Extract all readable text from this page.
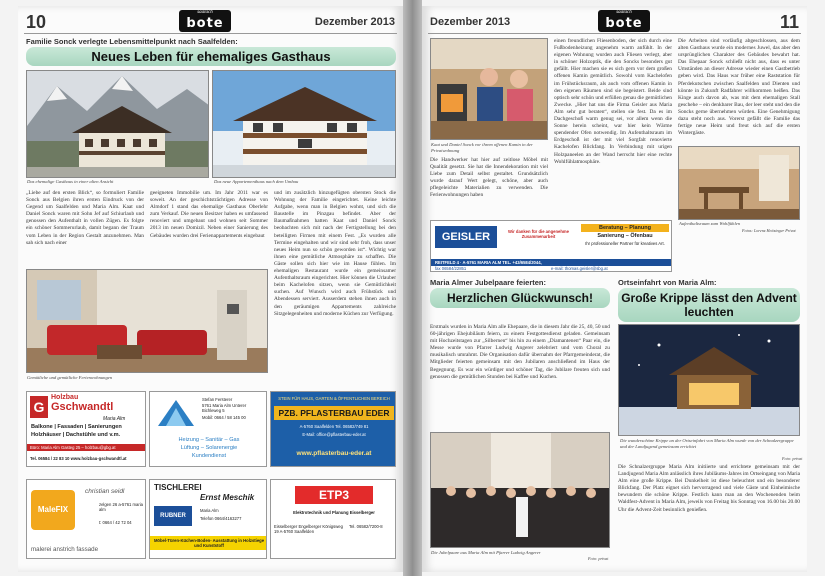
10	saalach
bote	Dezember 2013
Familie Sonck verlegte Lebensmittelpunkt nach Saalfelden:
Neues Leben für ehemaliges Gasthaus
Das ehemalige Gasthaus in einer alten Ansicht	Das neue Appartementhaus nach dem Umbau
„Liebe auf den ersten Blick“, so formuliert Familie Sonck aus Belgien ihren ersten Eindruck von der Gegend um Saalfelden und Maria Alm. Kaat und Daniel Sonck waren mit Sohn Jef auf Schiurlaub und genossen den Aufenthalt in vollen Zügen. Es folgte ein schöner Sommerurlaub, damit begann der Traum vom Leben in der Region Gestalt anzunehmen. Man sah sich nach einer
geeigneten Immobilie um. Im Jahr 2011 war es soweit. An der geschichtsträchtigen Adresse von Almdorf 1 stand das ehemalige Gasthaus Oberlehr zum Verkauf. Die neuen Besitzer haben es umfassend renoviert und umgebaut und wohnen seit Sommer 2013 im neuen Domizil. Neben einer Sanierung des Gebäudes wurden drei Ferienappartements eingebaut
und im zusätzlich hinzugefügten obersten Stock die Wohnung der Familie eingerichtet. Keine leichte Aufgabe, wenn man in Belgien wohnt, und sich die Baustelle im Pinzgau befindet. Aber der Baumaßnahmen hatten Kaat und Daniel Sonck beobachten sich mit nach der Fertigstellung bei den beteiligten Firmen mit einem Fest. „Es wurden alle Termine eingehalten und wir sind sehr froh, dass unser neues Heim nun so schön geworden ist“. Wichtig war ihnen eine gemütliche Atmosphäre zu schaffen. Die Gäste sollen sich hier wie im Hause fühlen. Im ehemaligen Restaurant wurde ein gemeinsamer Aufenthaltsraum eingerichtet. Hier können die Urlauber beim Kachelofen sitzen, wenn sie Gemütlichkeit suchen. Auf Wunsch wird auch Frühstück und Abendessen serviert. Ausserdem stehen ihnen auch in den geräumigen Appartements zahlreiche Sitzgelegenheiten und moderne Küchen zur Verfügung.
Gemütliche und gemütliche Ferienwohnungen
G
Holzbau
Gschwandtl
Maria Alm
Balkone | Fassaden | Sanierungen
Holzhäuser | Dachstühle und v.m.
Büro: Maria Alm Gasteg 25 – holzbau@gbg.at
Tel. 06584 / 22 83 10 www.holzbau-gschwandtl.at
Stefan Fersterer
5761 Maria Alm Unterer Bichleweg 5
Mobil: 0664 / 58 145 00
Heizung – Sanitär – Gas
Lüftung – Solarenergie
Kundendienst
STEIN FÜR HAUS, GARTEN & ÖFFENTLICHEN BEREICH
PZB. PFLASTERBAU EDER
A-5760 Saalfelden Tel. 06582/749 81
E-Mail: office@pflasterbau-eder.at
www.pflasterbau-eder.at
MaleFIX
christian seidl
zelgen 26 a-5761 maria alm
t: 0664 / 42 72 04
malerei anstrich fassade
TISCHLEREI
Ernst Meschik
RUBNER
Maria Alm
Telefon 0664/4163277
Möbel-Türen-Küchen-Boden- Ausstattung in Holzstiege und Kunststoff
ETP3
Elektrotechnik und Planung Eisselberger
Eisselberger Engelberger Königsweg 19 A-5760 Saalfelden
Tel. 06582/7200-8
Dezember 2013
saalach
bote	11
Kaat und Daniel Sonck vor ihrem offenen Kamin in der Privatwohnung
Die Handwerker hat hier auf zeitlose Möbel mit Qualität gesetzt. Sie hat die Innendekoration mit viel Liebe zum Detail selbst gestaltet. Grundsätzlich wurde darauf Wert gelegt, schöne, aber auch pflegeleichte Materialien zu verwenden. Die Ferienwohnungen haben
einen freundlichen Fliesenboden, der sich durch eine Fußbodenheizung angenehm warm anfühlt. In der eigenen Wohnung wurden auch Fliesen verlegt, aber in schöner Holzoptik, die den Soncks besonders gut gefällt. Hier machen sie es sich gern vor dem großen offenen Kamin gemütlich. Sowohl vom Kachelofen im Frühstücksraum, als auch vom offenen Kamin in den eigenen Räumen sind sie begeistert. Beide sind optisch sehr schön und erfüllen genau die gemütlichen Zwecke. „Hier hat uns die Firma Geisler aus Maria Alm sehr gut beraten“, stellen sie fest. Da es im Dachgeschoß warm genug sei, vor allem wenn die Sonne herein scheint, war hier kein Wärme spendender Ofen notwendig. Im Aufenthaltsraum im Erdgeschoß ist der mit viel Sorgfalt renovierte Kachelofen Blickfang. In Verbindung mit urigen Holzpaneelen an der Wand herrscht hier eine rechte Wohlfühlatmosphäre.
Die Arbeiten sind vorläufig abgeschlossen, aus dem alten Gasthaus wurde ein modernes Juwel, das aber den ursprünglichen Charakter des Gebäudes bewahrt hat. Das Ehepaar Sonck schließt nicht aus, dass es unter Umständen an dieser Adresse wieder einen Gastbetrieb geben wird. Das Haus war früher eine Raststation für Pferdekutschen zwischen Saalfelden und Dienten und könnte in Zukunft Radfahrer willkommen heißen. Das Kinge auch davon ab, was mit dem ehemaligen Stall geschehe – ein denkbarer Bau, der leer steht und den die Soncks gerne übernehmen würden. Eine Genehmigung dazu steht noch aus. Vorerst gefällt die Familie das fertige neue Heim und freut sich auf die ersten Wintergäste.
Aufenthaltsraum zum Wohlfühlen
Fotos: Lorenz Heitzinger Privat
GEISLER	Wir danken für die angenehme Zusammenarbeit
Beratung – Planung
Sanierung – Öfenbau
Ihr professioneller Partner für kreatives Art.
REITFELD 4 · A-5761 MARIA ALM TEL. +43/6584/2044,
fax 06584/22851	e-mail: thomas.geisler@sbg.at
Maria Almer Jubelpaare feierten:
Herzlichen Glückwunsch!
Erstmals wurden in Maria Alm alle Ehepaare, die in diesem Jahr die 25, 40, 50 und 60-jährigen Ehejubiläum feiern, zu einem Festgottesdienst geladen. Gemeinsam mit Hochzeitstagen zur „Silbernen“ bis hin zu einem „Diamantenen“ Paar ein, die Messe wurde von Pfarrer Ludwig Angerer zelebriert und vom Choral zu musikalisch umrahmt. Die Organisation dafür übernahm der Pfarrgemeinderat, die Mitglieder feierten gemeinsam mit den Jubilaren anschließend im Haus der Begegnung. Es war ein würdiger und schöner Tag, die Jubilare freuten sich und genossen die gemütlichen Stunden bei Kaffee und Kuchen.
Die Jubelpaare aus Maria Alm mit Pfarrer Ludwig Angerer
Foto: privat
Ortseinfahrt von Maria Alm:
Große Krippe lässt den Advent leuchten
Die wunderschöne Krippe an der Ortseinfahrt von Maria Alm wurde von der Schnalzergruppe und der Landjugend gemeinsam errichtet
Foto: privat
Die Schnalzergruppe Maria Alm initiierte und errichtete gemeinsam mit der Landjugend Maria Alm anlässlich ihres Jubiläums-Jahres im Ortseingang von Maria Alm eine große Krippe. Bei Dunkelheit ist diese beleuchtet und ein besonderer Blickfang. Der Platz eignet sich hervorragend und viele Gäste und Einheimische bewundern die schöne Krippe. Festlich kann man an den Wochenenden beim Waldfest-Advent in Maria Alm, jeweils von Freitag bis Sonntag von 16.00 bis 20.00 Uhr die Advent-Zeit besinnlich genießen.
